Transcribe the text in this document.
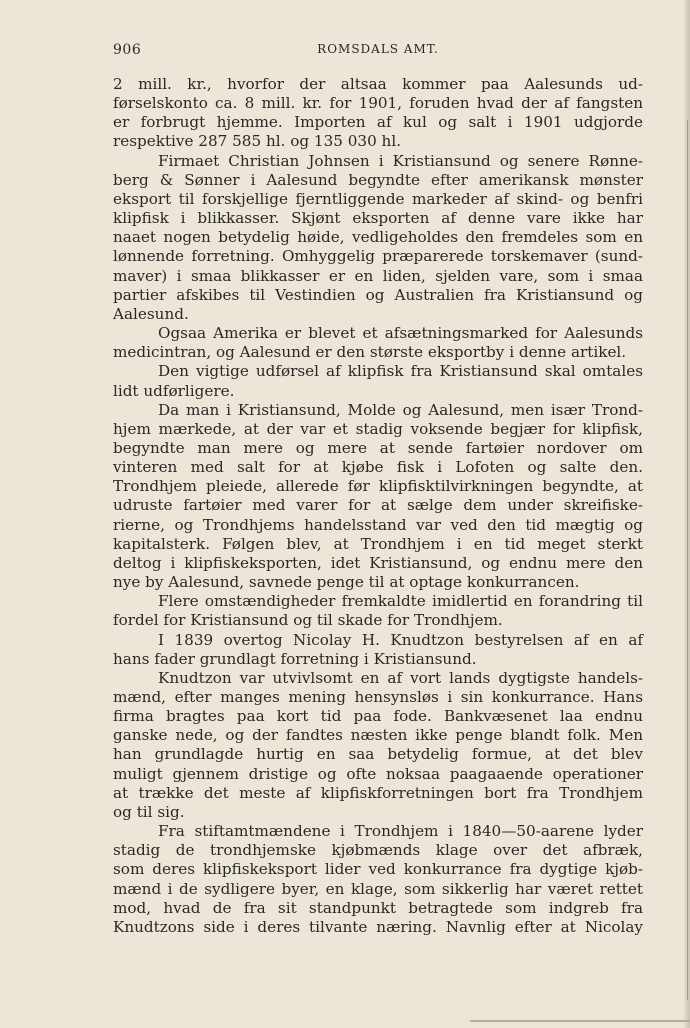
906	ROMSDALS AMT.
2 mill. kr., hvorfor der altsaa kommer paa Aalesunds ud-
førselskonto ca. 8 mill. kr. for 1901, foruden hvad der af fangsten
er forbrugt hjemme. Importen af kul og salt i 1901 udgjorde
respektive 287 585 hl. og 135 030 hl.
Firmaet Christian Johnsen i Kristiansund og senere Rønne-
berg & Sønner i Aalesund begyndte efter amerikansk mønster
eksport til forskjellige fjerntliggende markeder af skind- og benfri
klipfisk i blikkasser. Skjønt eksporten af denne vare ikke har
naaet nogen betydelig høide, vedligeholdes den fremdeles som en
lønnende forretning. Omhyggelig præparerede torskemaver (sund-
maver) i smaa blikkasser er en liden, sjelden vare, som i smaa
partier afskibes til Vestindien og Australien fra Kristiansund og
Aalesund.
Ogsaa Amerika er blevet et afsætningsmarked for Aalesunds
medicintran, og Aalesund er den største eksportby i denne artikel.
Den vigtige udførsel af klipfisk fra Kristiansund skal omtales
lidt udførligere.
Da man i Kristiansund, Molde og Aalesund, men især Trond-
hjem mærkede, at der var et stadig voksende begjær for klipfisk,
begyndte man mere og mere at sende fartøier nordover om
vinteren med salt for at kjøbe fisk i Lofoten og salte den.
Trondhjem pleiede, allerede før klipfisktilvirkningen begyndte, at
udruste fartøier med varer for at sælge dem under skreifiske-
rierne, og Trondhjems handelsstand var ved den tid mægtig og
kapitalsterk. Følgen blev, at Trondhjem i en tid meget sterkt
deltog i klipfiskeksporten, idet Kristiansund, og endnu mere den
nye by Aalesund, savnede penge til at optage konkurrancen.
Flere omstændigheder fremkaldte imidlertid en forandring til
fordel for Kristiansund og til skade for Trondhjem.
I 1839 overtog Nicolay H. Knudtzon bestyrelsen af en af
hans fader grundlagt forretning i Kristiansund.
Knudtzon var utvivlsomt en af vort lands dygtigste handels-
mænd, efter manges mening hensynsløs i sin konkurrance. Hans
firma bragtes paa kort tid paa fode. Bankvæsenet laa endnu
ganske nede, og der fandtes næsten ikke penge blandt folk. Men
han grundlagde hurtig en saa betydelig formue, at det blev
muligt gjennem dristige og ofte noksaa paagaaende operationer
at trække det meste af klipfiskforretningen bort fra Trondhjem
og til sig.
Fra stiftamtmændene i Trondhjem i 1840—50-aarene lyder
stadig de trondhjemske kjøbmænds klage over det afbræk,
som deres klipfiskeksport lider ved konkurrance fra dygtige kjøb-
mænd i de sydligere byer, en klage, som sikkerlig har været rettet
mod, hvad de fra sit standpunkt betragtede som indgreb fra
Knudtzons side i deres tilvante næring. Navnlig efter at Nicolay
